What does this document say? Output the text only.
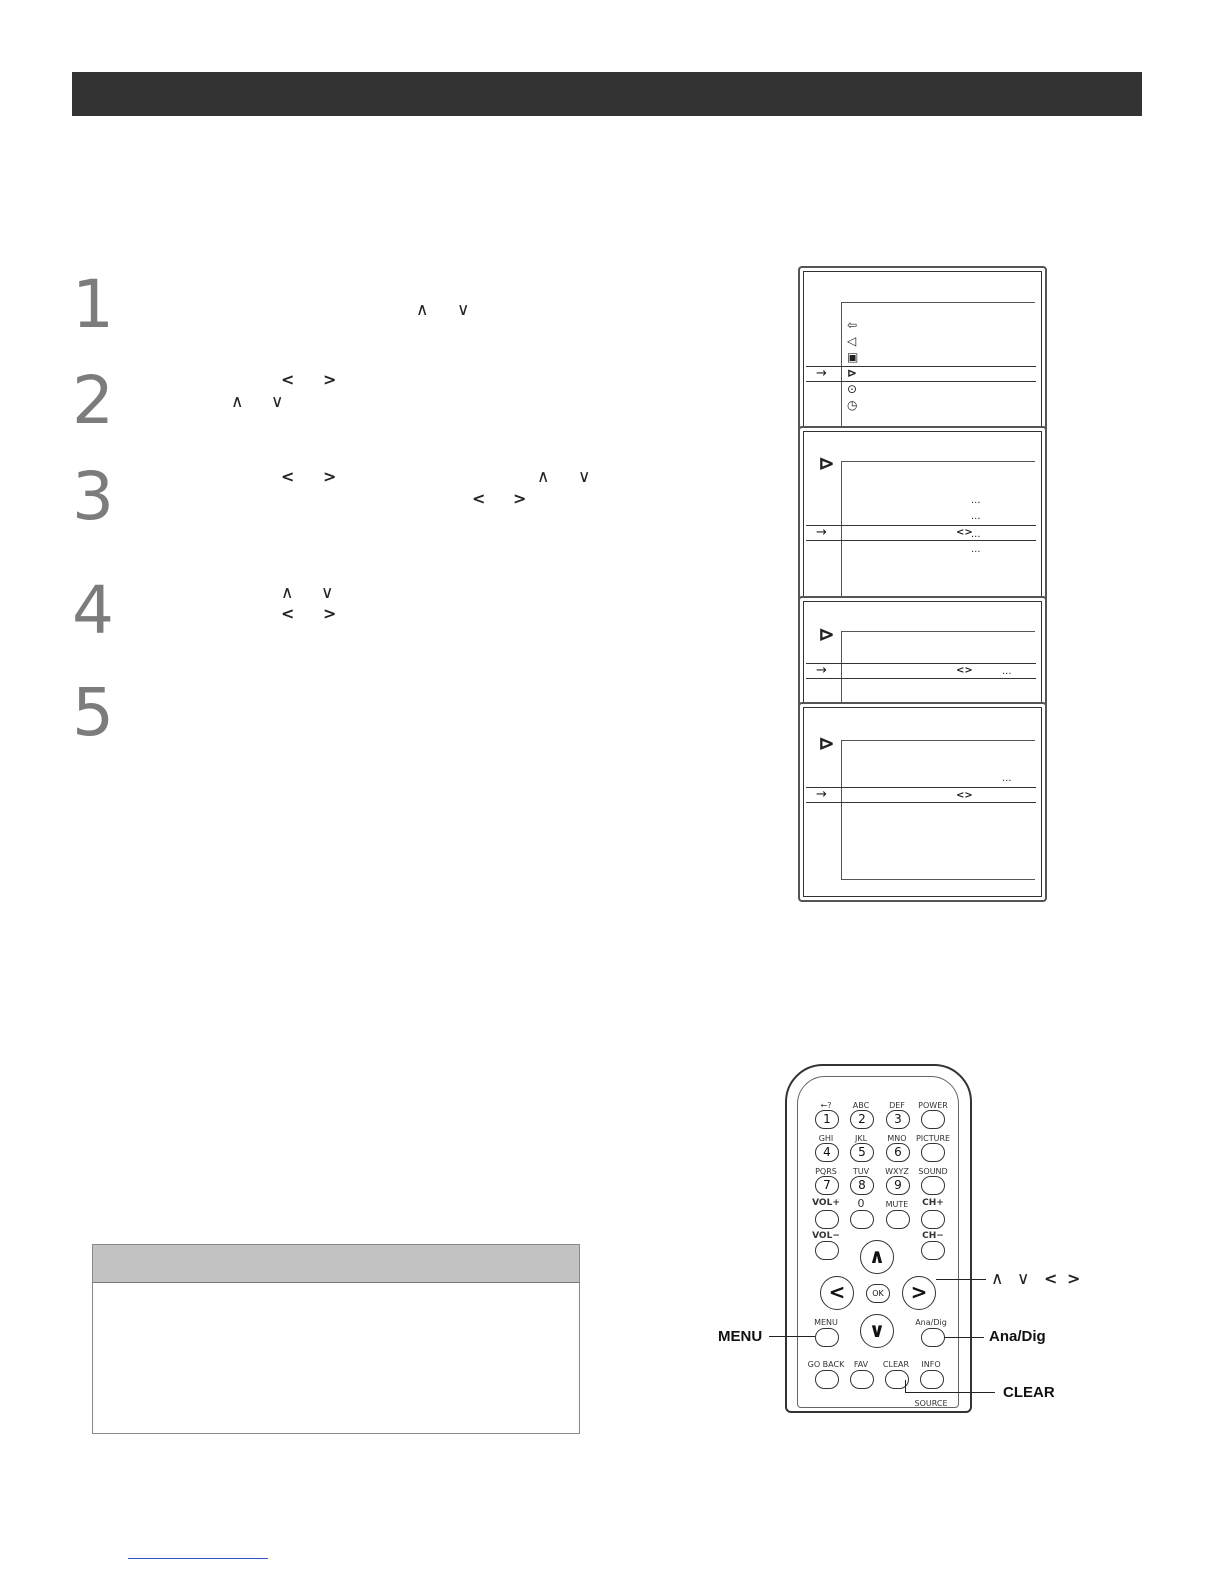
1
2
3
4
5
∧ ∨
< >
∧ ∨
< >	∧ ∨
< >
∧ ∨
< >
⇦
◁
▣
→ ⊳
⊙
◷
⊳
...
...
→	<>
...
...
⊳
→	<>	...
⊳
...
→	<>
←?
1
ABC
2
DEF
3
POWER
GHI
4
JKL
5
MNO
6
PICTURE
PQRS
7
TUV
8
WXYZ
9
SOUND
VOL+	0	MUTE	CH+
VOL−	CH−
∧
<	OK	>
∨
MENU	Ana/Dig
GO BACK	FAV	CLEAR	INFO
SOURCE
MENU	Ana/Dig
∧ ∨ < >
CLEAR
